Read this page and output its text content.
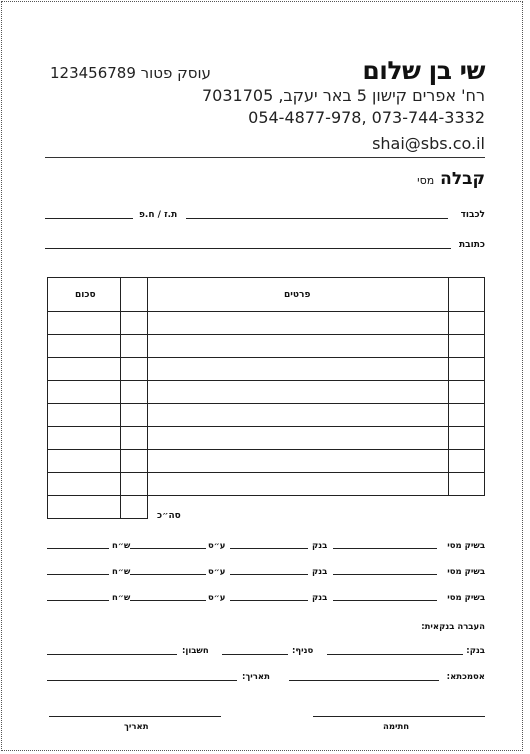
שי בן שלום
עוסק פטור 123456789
רח' אפרים קישון 5 באר יעקב, 7031705
054-4877-978, 073-744-3332
shai@sbs.co.il
קבלה מסי
לכבוד
ת.ז / ח.פ
כתובת
סכום	פרטים
סה״כ
בשיק מסי
בנק
ע״ס
ש״ח
בשיק מסי
בנק
ע״ס
ש״ח
בשיק מסי
בנק
ע״ס
ש״ח
העברה בנקאית:
בנק:
סניף:
חשבון:
אסמכתא:
תאריך:
חתימה
תאריך
